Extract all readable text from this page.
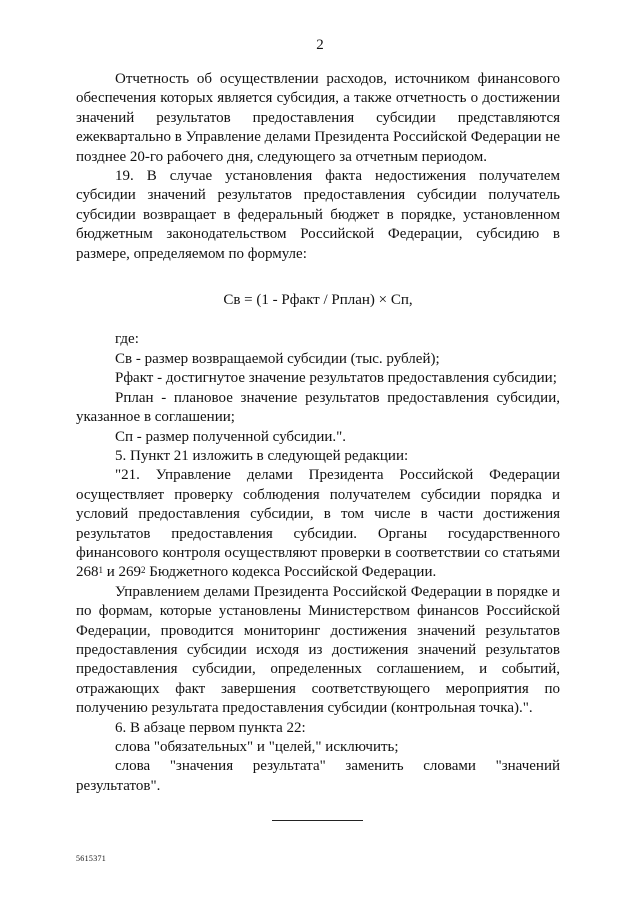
2

Отчетность об осуществлении расходов, источником финансового обеспечения которых является субсидия, а также отчетность о достижении значений результатов предоставления субсидии представляются ежеквартально в Управление делами Президента Российской Федерации не позднее 20-го рабочего дня, следующего за отчетным периодом.

19. В случае установления факта недостижения получателем субсидии значений результатов предоставления субсидии получатель субсидии возвращает в федеральный бюджет в порядке, установленном бюджетным законодательством Российской Федерации, субсидию в размере, определяемом по формуле:

Св = (1 - Рфакт / Рплан) × Сп,

где:

Св - размер возвращаемой субсидии (тыс. рублей);

Рфакт - достигнутое значение результатов предоставления субсидии;

Рплан - плановое значение результатов предоставления субсидии, указанное в соглашении;

Сп - размер полученной субсидии.".

5. Пункт 21 изложить в следующей редакции:

"21. Управление делами Президента Российской Федерации осуществляет проверку соблюдения получателем субсидии порядка и условий предоставления субсидии, в том числе в части достижения результатов предоставления субсидии. Органы государственного финансового контроля осуществляют проверки в соответствии со статьями $268^1$ и $269^2$ Бюджетного кодекса Российской Федерации.

Управлением делами Президента Российской Федерации в порядке и по формам, которые установлены Министерством финансов Российской Федерации, проводится мониторинг достижения значений результатов предоставления субсидии исходя из достижения значений результатов предоставления субсидии, определенных соглашением, и событий, отражающих факт завершения соответствующего мероприятия по получению результата предоставления субсидии (контрольная точка).".

6. В абзаце первом пункта 22:

слова "обязательных" и "целей," исключить;

слова "значения результата" заменить словами "значений результатов".

5615371
